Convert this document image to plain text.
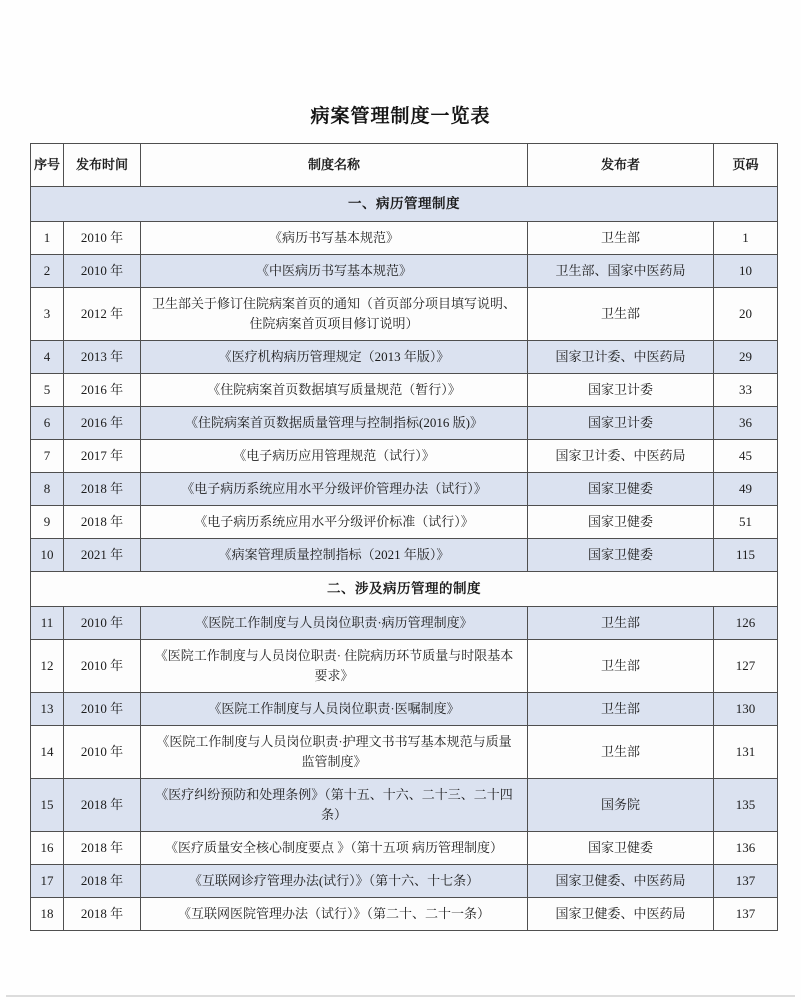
病案管理制度一览表
序号	发布时间	制度名称	发布者	页码
一、病历管理制度				
1	2010 年	《病历书写基本规范》	卫生部	1
2	2010 年	《中医病历书写基本规范》	卫生部、国家中医药局	10
3	2012 年	卫生部关于修订住院病案首页的通知（首页部分项目填写说明、住院病案首页项目修订说明）	卫生部	20
4	2013 年	《医疗机构病历管理规定（2013 年版）》	国家卫计委、中医药局	29
5	2016 年	《住院病案首页数据填写质量规范（暂行）》	国家卫计委	33
6	2016 年	《住院病案首页数据质量管理与控制指标(2016 版)》	国家卫计委	36
7	2017 年	《电子病历应用管理规范（试行）》	国家卫计委、中医药局	45
8	2018 年	《电子病历系统应用水平分级评价管理办法（试行）》	国家卫健委	49
9	2018 年	《电子病历系统应用水平分级评价标准（试行）》	国家卫健委	51
10	2021 年	《病案管理质量控制指标（2021 年版）》	国家卫健委	115
二、涉及病历管理的制度				
11	2010 年	《医院工作制度与人员岗位职责·病历管理制度》	卫生部	126
12	2010 年	《医院工作制度与人员岗位职责· 住院病历环节质量与时限基本要求》	卫生部	127
13	2010 年	《医院工作制度与人员岗位职责·医嘱制度》	卫生部	130
14	2010 年	《医院工作制度与人员岗位职责·护理文书书写基本规范与质量监管制度》	卫生部	131
15	2018 年	《医疗纠纷预防和处理条例》（第十五、十六、二十三、二十四条）	国务院	135
16	2018 年	《医疗质量安全核心制度要点 》（第十五项 病历管理制度）	国家卫健委	136
17	2018 年	《互联网诊疗管理办法(试行）》（第十六、十七条）	国家卫健委、中医药局	137
18	2018 年	《互联网医院管理办法（试行）》（第二十、二十一条）	国家卫健委、中医药局	137
